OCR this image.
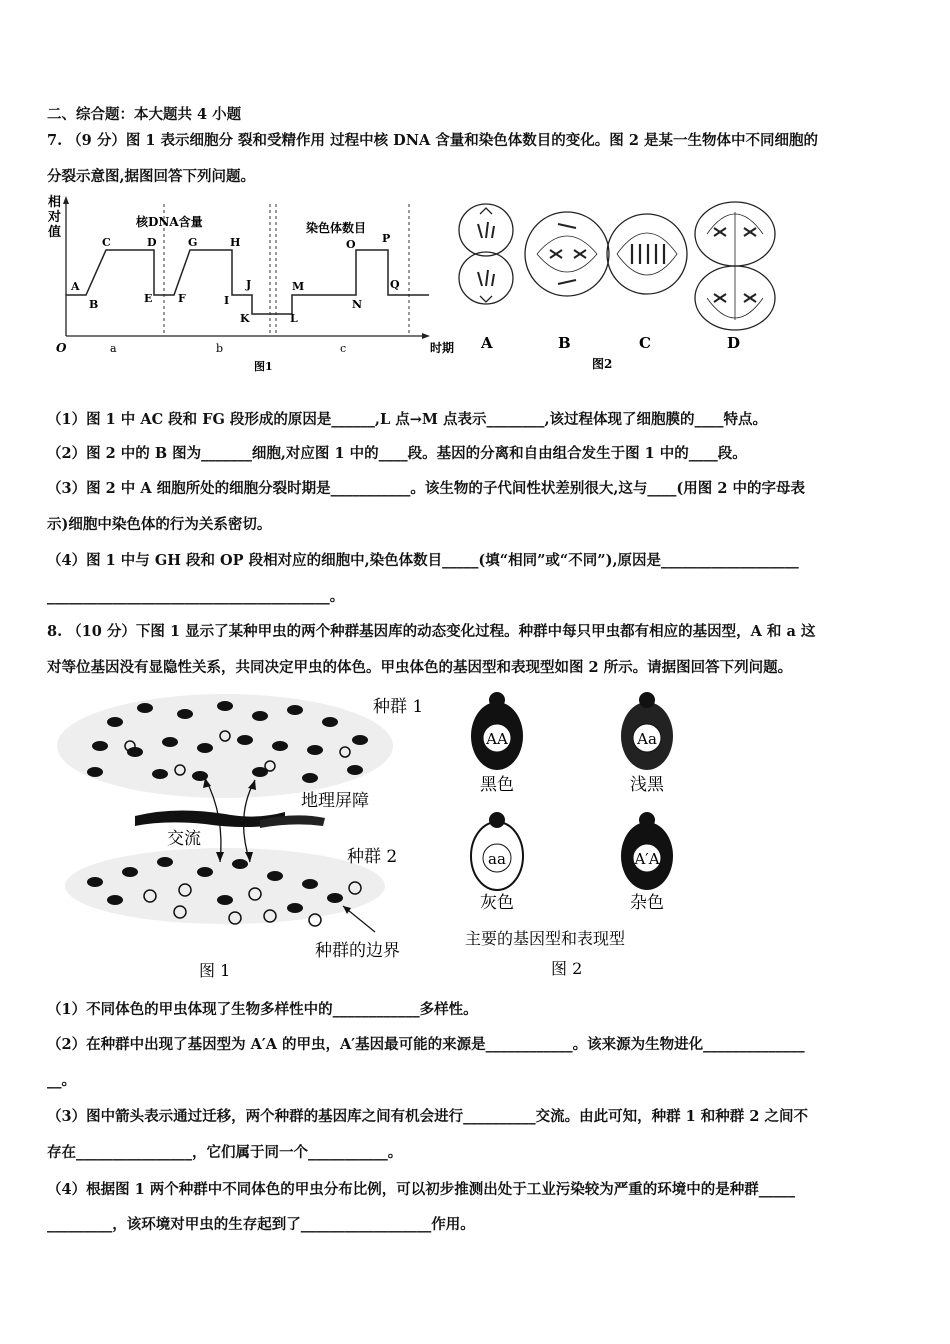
二、综合题：本大题共 4 小题
7. （9 分）图 1 表示细胞分 裂和受精作用 过程中核 DNA 含量和染色体数目的变化。图 2 是某一生物体中不同细胞的
分裂示意图,据图回答下列问题。
相
对
值
核DNA含量	染色体数目
A
B
C	D
E F
G	H
I
J
K	L
M
N
O P
Q
O	a	b	c	时期
图1
A	B	C	D
图2
（1）图 1 中 AC 段和 FG 段形成的原因是______,L 点→M 点表示________,该过程体现了细胞膜的____特点。
（2）图 2 中的 B 图为_______细胞,对应图 1 中的____段。基因的分离和自由组合发生于图 1 中的____段。
（3）图 2 中 A 细胞所处的细胞分裂时期是___________。该生物的子代间性状差别很大,这与____(用图 2 中的字母表
示)细胞中染色体的行为关系密切。
（4）图 1 中与 GH 段和 OP 段相对应的细胞中,染色体数目_____(填“相同”或“不同”),原因是___________________
_______________________________________。
8. （10 分）下图 1 显示了某种甲虫的两个种群基因库的动态变化过程。种群中每只甲虫都有相应的基因型，A 和 a 这
对等位基因没有显隐性关系，共同决定甲虫的体色。甲虫体色的基因型和表现型如图 2 所示。请据图回答下列问题。
种群 1
地理屏障
交流
种群 2
种群的边界
图 1
AA
黑色
Aa
浅黑
aa
灰色
A′A
杂色
主要的基因型和表现型
图 2
（1）不同体色的甲虫体现了生物多样性中的____________多样性。
（2）在种群中出现了基因型为 A′A 的甲虫，A′基因最可能的来源是____________。该来源为生物进化______________
__。
（3）图中箭头表示通过迁移，两个种群的基因库之间有机会进行__________交流。由此可知，种群 1 和种群 2 之间不
存在________________，它们属于同一个___________。
（4）根据图 1 两个种群中不同体色的甲虫分布比例，可以初步推测出处于工业污染较为严重的环境中的是种群_____
_________，该环境对甲虫的生存起到了__________________作用。
